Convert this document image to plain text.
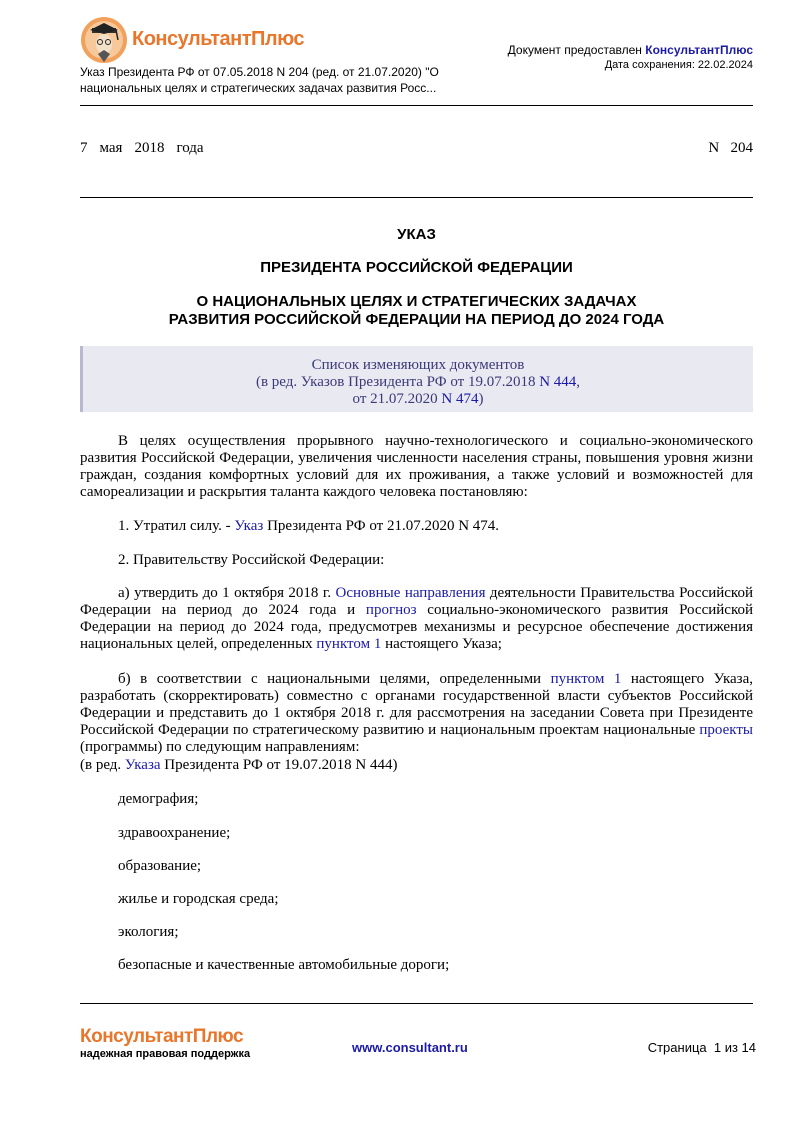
КонсультантПлюс
Указ Президента РФ от 07.05.2018 N 204 (ред. от 21.07.2020) "О национальных целях и стратегических задачах развития Росс...
Документ предоставлен КонсультантПлюс
Дата сохранения: 22.02.2024
7 мая 2018 года	N   204
УКАЗ
ПРЕЗИДЕНТА РОССИЙСКОЙ ФЕДЕРАЦИИ
О НАЦИОНАЛЬНЫХ ЦЕЛЯХ И СТРАТЕГИЧЕСКИХ ЗАДАЧАХ
РАЗВИТИЯ РОССИЙСКОЙ ФЕДЕРАЦИИ НА ПЕРИОД ДО 2024 ГОДА
Список изменяющих документов
(в ред. Указов Президента РФ от 19.07.2018 N 444,
от 21.07.2020 N 474)

В целях осуществления прорывного научно-технологического и социально-экономического развития Российской Федерации, увеличения численности населения страны, повышения уровня жизни граждан, создания комфортных условий для их проживания, а также условий и возможностей для самореализации и раскрытия таланта каждого человека постановляю:

1. Утратил силу. - Указ Президента РФ от 21.07.2020 N 474.

2. Правительству Российской Федерации:

а) утвердить до 1 октября 2018 г. Основные направления деятельности Правительства Российской Федерации на период до 2024 года и прогноз социально-экономического развития Российской Федерации на период до 2024 года, предусмотрев механизмы и ресурсное обеспечение достижения национальных целей, определенных пунктом 1 настоящего Указа;

б) в соответствии с национальными целями, определенными пунктом 1 настоящего Указа, разработать (скорректировать) совместно с органами государственной власти субъектов Российской Федерации и представить до 1 октября 2018 г. для рассмотрения на заседании Совета при Президенте Российской Федерации по стратегическому развитию и национальным проектам национальные проекты (программы) по следующим направлениям:

(в ред. Указа Президента РФ от 19.07.2018 N 444)

демография;
здравоохранение;
образование;
жилье и городская среда;
экология;
безопасные и качественные автомобильные дороги;
КонсультантПлюс
надежная правовая поддержка	www.consultant.ru	Страница  1 из 14
